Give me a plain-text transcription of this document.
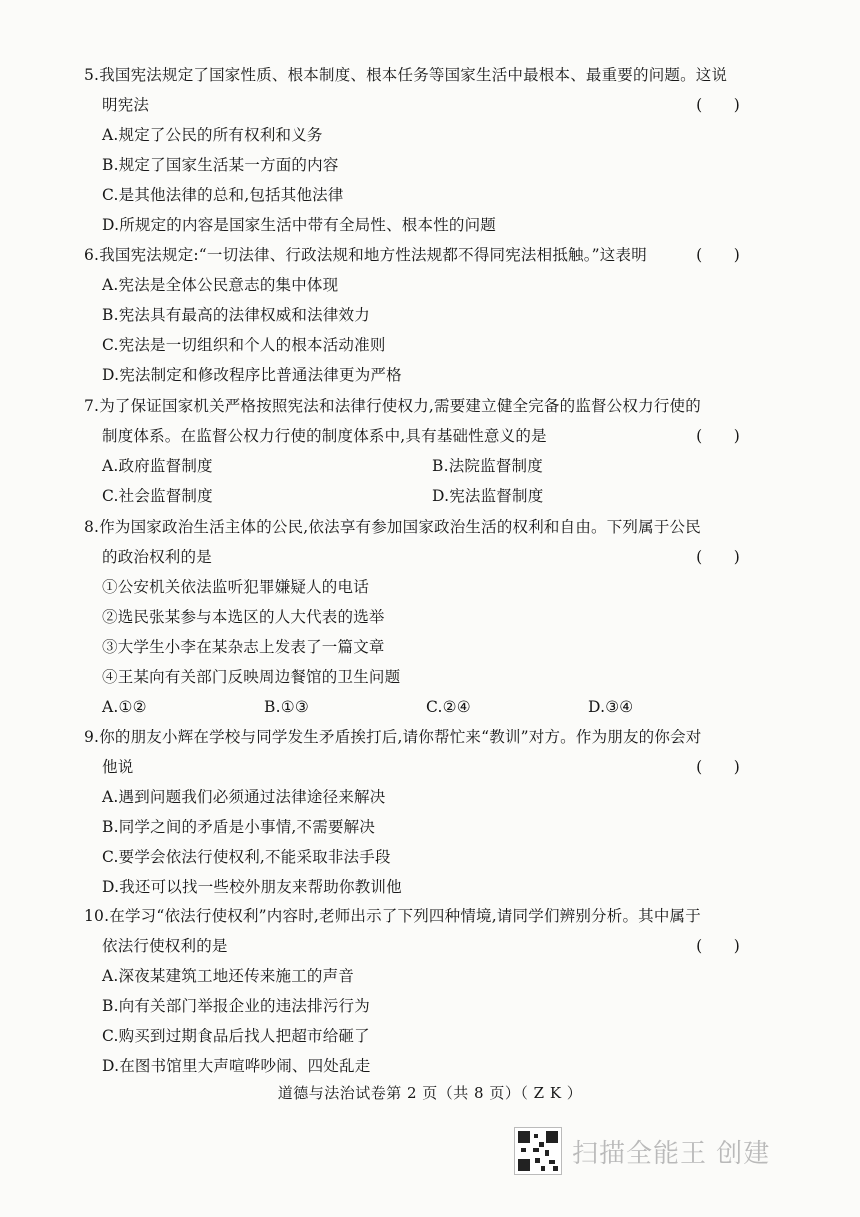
5.我国宪法规定了国家性质、根本制度、根本任务等国家生活中最根本、最重要的问题。这说
明宪法	(　　)
A.规定了公民的所有权利和义务
B.规定了国家生活某一方面的内容
C.是其他法律的总和,包括其他法律
D.所规定的内容是国家生活中带有全局性、根本性的问题
6.我国宪法规定:“一切法律、行政法规和地方性法规都不得同宪法相抵触。”这表明	(　　)
A.宪法是全体公民意志的集中体现
B.宪法具有最高的法律权威和法律效力
C.宪法是一切组织和个人的根本活动准则
D.宪法制定和修改程序比普通法律更为严格
7.为了保证国家机关严格按照宪法和法律行使权力,需要建立健全完备的监督公权力行使的
制度体系。在监督公权力行使的制度体系中,具有基础性意义的是	(　　)
A.政府监督制度	B.法院监督制度
C.社会监督制度	D.宪法监督制度
8.作为国家政治生活主体的公民,依法享有参加国家政治生活的权利和自由。下列属于公民
的政治权利的是	(　　)
①公安机关依法监听犯罪嫌疑人的电话
②选民张某参与本选区的人大代表的选举
③大学生小李在某杂志上发表了一篇文章
④王某向有关部门反映周边餐馆的卫生问题
A.①②	B.①③	C.②④	D.③④
9.你的朋友小辉在学校与同学发生矛盾挨打后,请你帮忙来“教训”对方。作为朋友的你会对
他说	(　　)
A.遇到问题我们必须通过法律途径来解决
B.同学之间的矛盾是小事情,不需要解决
C.要学会依法行使权利,不能采取非法手段
D.我还可以找一些校外朋友来帮助你教训他
10.在学习“依法行使权利”内容时,老师出示了下列四种情境,请同学们辨别分析。其中属于
依法行使权利的是	(　　)
A.深夜某建筑工地还传来施工的声音
B.向有关部门举报企业的违法排污行为
C.购买到过期食品后找人把超市给砸了
D.在图书馆里大声喧哗吵闹、四处乱走
道德与法治试卷第 2 页（共 8 页）（ Z K ）
扫描全能王 创建
